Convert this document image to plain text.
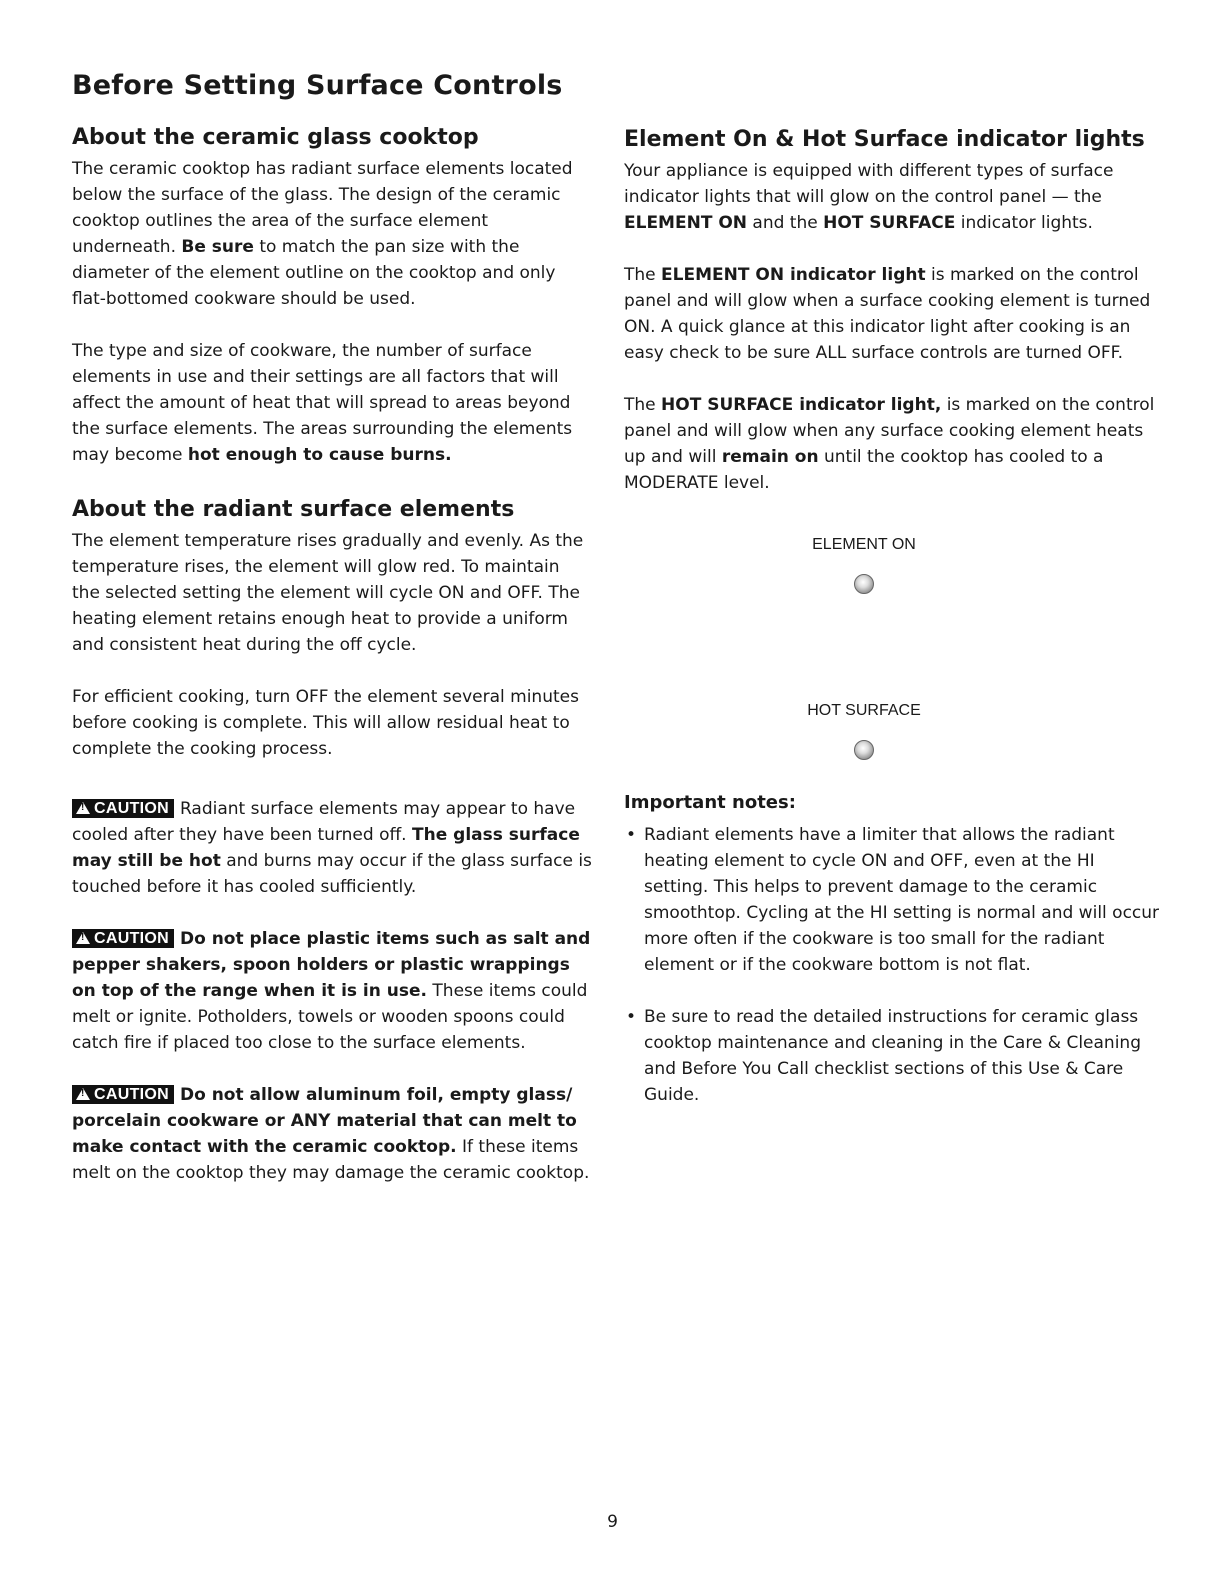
Before Setting Surface Controls
About the ceramic glass cooktop

The ceramic cooktop has radiant surface elements located below the surface of the glass. The design of the ceramic cooktop outlines the area of the surface element underneath. Be sure to match the pan size with the diameter of the element outline on the cooktop and only flat-bottomed cookware should be used.

The type and size of cookware, the number of surface elements in use and their settings are all factors that will affect the amount of heat that will spread to areas beyond the surface elements. The areas surrounding the elements may become hot enough to cause burns.

About the radiant surface elements

The element temperature rises gradually and evenly. As the temperature rises, the element will glow red. To maintain the selected setting the element will cycle ON and OFF. The heating element retains enough heat to provide a uniform and consistent heat during the off cycle.

For efficient cooking, turn OFF the element several minutes before cooking is complete. This will allow residual heat to complete the cooking process.

!CAUTION Radiant surface elements may appear to have cooled after they have been turned off. The glass surface may still be hot and burns may occur if the glass surface is touched before it has cooled sufficiently.

!CAUTION Do not place plastic items such as salt and pepper shakers, spoon holders or plastic wrappings on top of the range when it is in use. These items could melt or ignite. Potholders, towels or wooden spoons could catch fire if placed too close to the surface elements.

!CAUTION Do not allow aluminum foil, empty glass/ porcelain cookware or ANY material that can melt to make contact with the ceramic cooktop. If these items melt on the cooktop they may damage the ceramic cooktop.

Element On & Hot Surface indicator lights

Your appliance is equipped with different types of surface indicator lights that will glow on the control panel — the ELEMENT ON and the HOT SURFACE indicator lights.

The ELEMENT ON indicator light is marked on the control panel and will glow when a surface cooking element is turned ON. A quick glance at this indicator light after cooking is an easy check to be sure ALL surface controls are turned OFF.

The HOT SURFACE indicator light, is marked on the control panel and will glow when any surface cooking element heats up and will remain on until the cooktop has cooled to a MODERATE level.

ELEMENT ON
HOT SURFACE
Important notes:
• Radiant elements have a limiter that allows the radiant heating element to cycle ON and OFF, even at the HI setting. This helps to prevent damage to the ceramic smoothtop. Cycling at the HI setting is normal and will occur more often if the cookware is too small for the radiant element or if the cookware bottom is not flat.
• Be sure to read the detailed instructions for ceramic glass cooktop maintenance and cleaning in the Care & Cleaning and Before You Call checklist sections of this Use & Care Guide.
9
